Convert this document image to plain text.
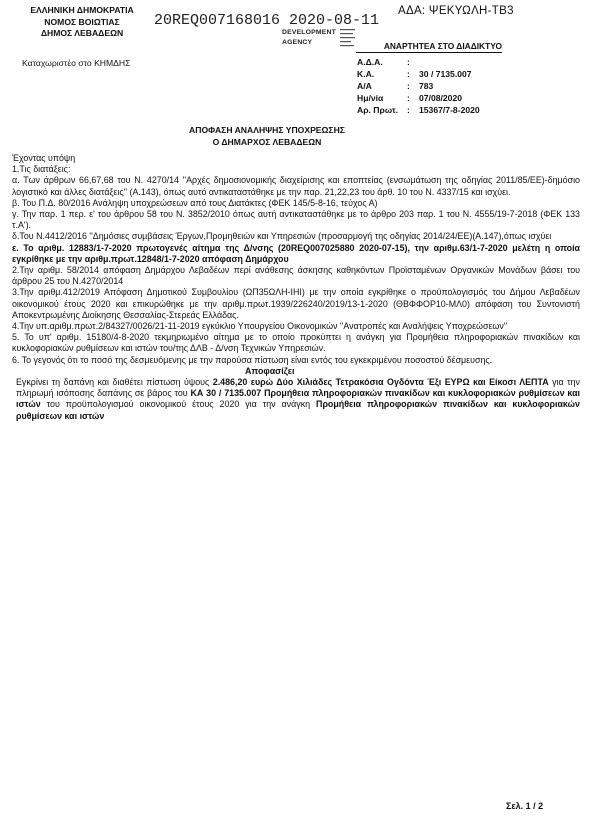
ΕΛΛΗΝΙΚΗ ΔΗΜΟΚΡΑΤΙΑ
ΝΟΜΟΣ ΒΟΙΩΤΙΑΣ
ΔΗΜΟΣ ΛΕΒΑΔΕΩΝ
20REQ007168016 2020-08-11
DEVELOPMENT
AGENCY
ΑΔΑ: ΨΕΚΥΩΛΗ-ΤΒ3
ΑΝΑΡΤΗΤΕΑ ΣΤΟ ΔΙΑΔΙΚΤΥΟ
Καταχωριστέο στο ΚΗΜΔΗΣ	Α.Δ.Α.	:
Κ.Α.	:	30 / 7135.007
Α/Α	:	783
Ημ/νία	:	07/08/2020
Αρ. Πρωτ.	:	15367/7-8-2020
ΑΠΟΦΑΣΗ ΑΝΑΛΗΨΗΣ ΥΠΟΧΡΕΩΣΗΣ
Ο ΔΗΜΑΡΧΟΣ ΛΕΒΑΔΕΩΝ

Έχοντας υπόψη

1.Τις διατάξεις:

α. Των άρθρων 66,67,68 του Ν. 4270/14 ''Αρχές δημοσιονομικής διαχείρισης και εποπτείας (ενσωμάτωση της οδηγίας 2011/85/ΕΕ)-δημόσιο λογιστικό και άλλες διατάξεις'' (Α.143), όπως αυτό αντικαταστάθηκε με την παρ. 21,22,23 του άρθ. 10 του Ν. 4337/15 και ισχύει.

β. Του Π.Δ. 80/2016 Ανάληψη υποχρεώσεων από τους Διατάκτες (ΦΕΚ 145/5-8-16, τεύχος Α)

γ. Την παρ. 1 περ. ε' του άρθρου 58 του Ν. 3852/2010 όπως αυτή αντικαταστάθηκε με το άρθρο 203 παρ. 1 του Ν. 4555/19-7-2018 (ΦΕΚ 133 τ.Α').

δ.Του Ν.4412/2016 ''Δημόσιες συμβάσεις Έργων,Προμηθειών και Υπηρεσιών (προσαρμογή της οδηγίας 2014/24/ΕΕ)(Α.147),όπως ισχύει

ε. Το αριθμ. 12883/1-7-2020 πρωτογενές αίτημα της Δ/νσης (20REQ007025880 2020-07-15), την αριθμ.63/1-7-2020 μελέτη η οποία εγκρίθηκε με την αριθμ.πρωτ.12848/1-7-2020 απόφαση Δημάρχου

2.Την αριθμ. 58/2014 απόφαση Δημάρχου Λεβαδέων περί ανάθεσης άσκησης καθηκόντων Προϊσταμένων Οργανικών Μονάδων βάσει του άρθρου 25 του Ν.4270/2014

3.Την αριθμ.412/2019 Απόφαση Δημοτικού Συμβουλίου (ΩΠ35ΩΛΗ-ΙΗΙ) με την οποία εγκρίθηκε ο προϋπολογισμός του Δήμου Λεβαδέων οικονομικού έτους 2020 και επικυρώθηκε με την αριθμ.πρωτ.1939/226240/2019/13-1-2020 (ΘΒΦΦΟΡ10-ΜΛ0) απόφαση του Συντονιστή Αποκεντρωμένης Διοίκησης Θεσσαλίας-Στερεάς Ελλάδας.

4.Την υπ.αριθμ.πρωτ.2/84327/0026/21-11-2019 εγκύκλιο Υπουργείου Οικονομικών ''Ανατροπές και Αναλήψεις Υποχρεώσεων''

5. Το υπ' αριθμ. 15180/4-8-2020 τεκμηριωμένο αίτημα με το οποίο προκύπτει η ανάγκη για Προμήθεια πληροφοριακών πινακίδων και κυκλοφοριακών ρυθμίσεων και ιστών του/της ΔΛΒ - Δ/νση Τεχνικών Υπηρεσιών.

6. Το γεγονός ότι το ποσό της δεσμευόμενης με την παρούσα πίστωση είναι εντός του εγκεκριμένου ποσοστού δέσμευσης.

Αποφασίζει

Εγκρίνει τη δαπάνη και διαθέτει πίστωση ύψους 2.486,20 ευρώ Δύο Χιλιάδες Τετρακόσια Ογδόντα Έξι ΕΥΡΩ και Είκοσι ΛΕΠΤΑ για την πληρωμή ισόποσης δαπάνης σε βάρος του ΚΑ 30 / 7135.007 Προμήθεια πληροφοριακών πινακίδων και κυκλοφοριακών ρυθμίσεων και ιστών του προϋπολογισμού οικονομικού έτους 2020 για την ανάγκη Προμήθεια πληροφοριακών πινακίδων και κυκλοφοριακών ρυθμίσεων και ιστών

Σελ. 1 / 2
